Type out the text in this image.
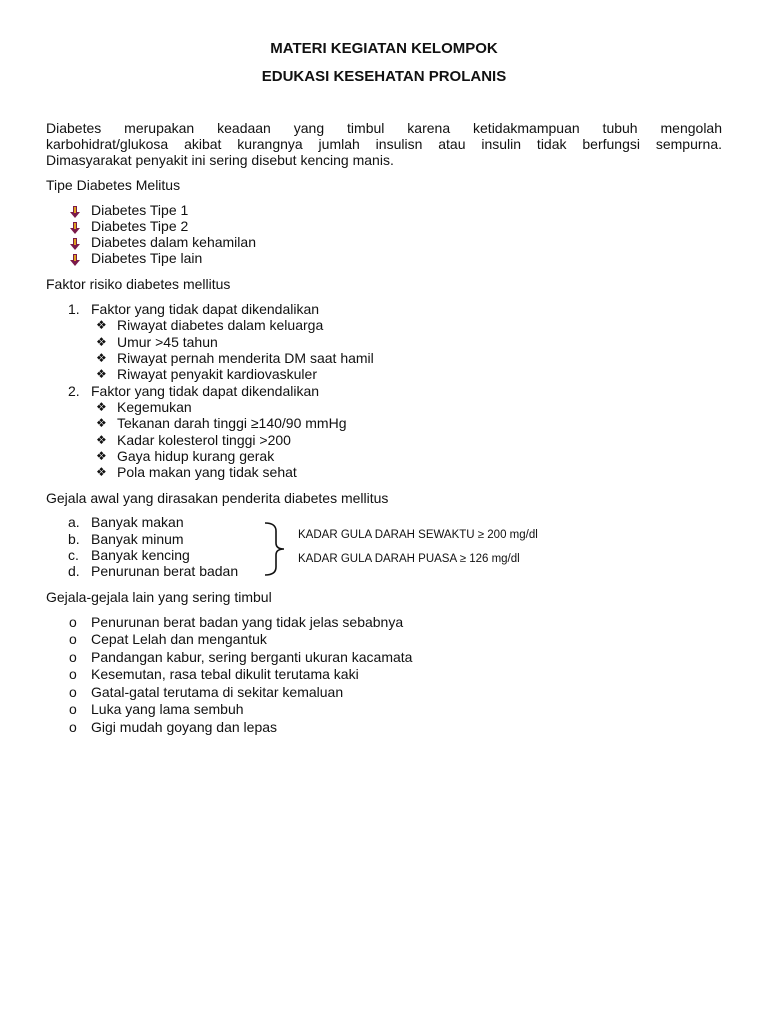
MATERI KEGIATAN KELOMPOK
EDUKASI KESEHATAN PROLANIS
Diabetes merupakan keadaan yang timbul karena ketidakmampuan tubuh mengolah
karbohidrat/glukosa akibat kurangnya jumlah insulisn atau insulin tidak berfungsi sempurna.
Dimasyarakat penyakit ini sering disebut kencing manis.
Tipe Diabetes Melitus
Diabetes Tipe 1
Diabetes Tipe 2
Diabetes dalam kehamilan
Diabetes Tipe lain
Faktor risiko diabetes mellitus
1. Faktor yang tidak dapat dikendalikan
❖ Riwayat diabetes dalam keluarga
❖ Umur >45 tahun
❖ Riwayat pernah menderita DM saat hamil
❖ Riwayat penyakit kardiovaskuler
2. Faktor yang tidak dapat dikendalikan
❖ Kegemukan
❖ Tekanan darah tinggi ≥140/90 mmHg
❖ Kadar kolesterol tinggi >200
❖ Gaya hidup kurang gerak
❖ Pola makan yang tidak sehat
Gejala awal yang dirasakan penderita diabetes mellitus
a. Banyak makan
b. Banyak minum
c. Banyak kencing
d. Penurunan berat badan
KADAR GULA DARAH SEWAKTU ≥ 200 mg/dl
KADAR GULA DARAH PUASA ≥ 126 mg/dl
Gejala-gejala lain yang sering timbul
o Penurunan berat badan yang tidak jelas sebabnya
o Cepat Lelah dan mengantuk
o Pandangan kabur, sering berganti ukuran kacamata
o Kesemutan, rasa tebal dikulit terutama kaki
o Gatal-gatal terutama di sekitar kemaluan
o Luka yang lama sembuh
o Gigi mudah goyang dan lepas
